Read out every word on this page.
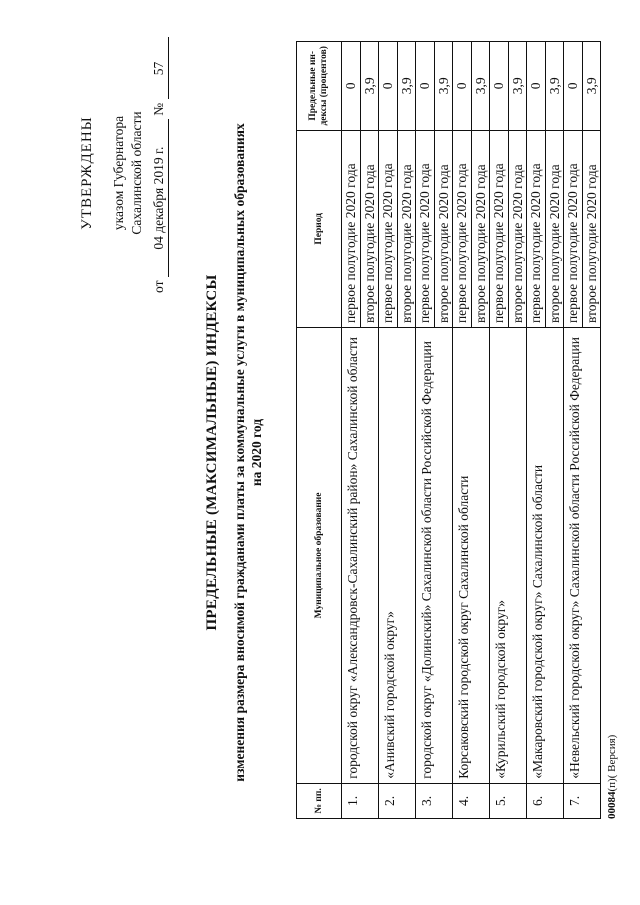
УТВЕРЖДЕНЫ указом Губернатора Сахалинской области
от 04 декабря 2019 г. № 57
ПРЕДЕЛЬНЫЕ (МАКСИМАЛЬНЫЕ) ИНДЕКСЫ изменения размера вносимой гражданами платы за коммунальные услуги в муниципальных образованиях на 2020 год

№ пп.	Муниципальное образование	Период	Предельные ин-дексы (процентов)
1.	городской округ «Александровск-Сахалинский район» Сахалинской области	первое полугодие 2020 года	0
		второе полугодие 2020 года	3,9
2.	«Анивский городской округ»	первое полугодие 2020 года	0
		второе полугодие 2020 года	3,9
3.	городской округ «Долинский» Сахалинской области Российской Федерации	первое полугодие 2020 года	0
		второе полугодие 2020 года	3,9
4.	Корсаковский городской округ Сахалинской области	первое полугодие 2020 года	0
		второе полугодие 2020 года	3,9
5.	«Курильский городской округ»	первое полугодие 2020 года	0
		второе полугодие 2020 года	3,9
6.	«Макаровский городской округ» Сахалинской области	первое полугодие 2020 года	0
		второе полугодие 2020 года	3,9
7.	«Невельский городской округ» Сахалинской области Российской Федерации	первое полугодие 2020 года	0
		второе полугодие 2020 года	3,9
00084(п)( Версия)
